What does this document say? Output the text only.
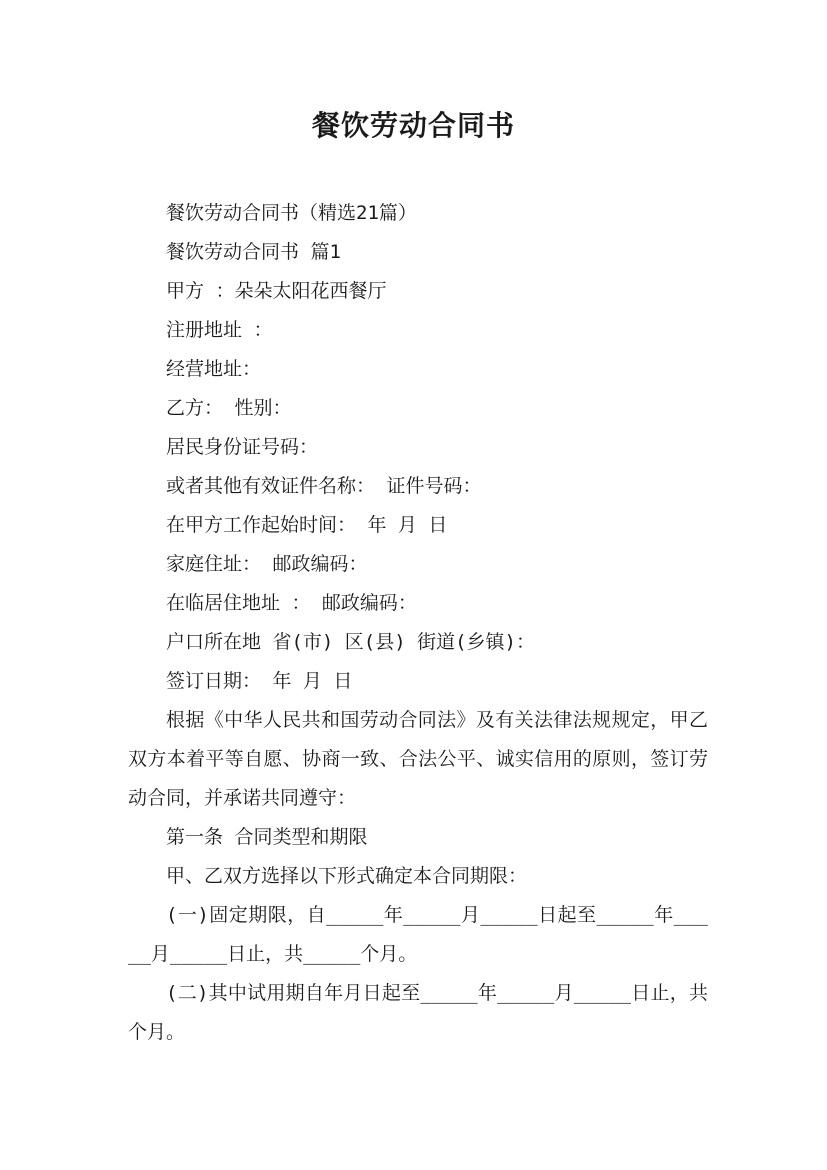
餐饮劳动合同书

餐饮劳动合同书（精选21篇）

餐饮劳动合同书 篇1

甲方 ：朵朵太阳花西餐厅

注册地址 ：

经营地址：

乙方： 性别：

居民身份证号码：

或者其他有效证件名称： 证件号码：

在甲方工作起始时间： 年 月 日

家庭住址： 邮政编码：

在临居住地址 ： 邮政编码：

户口所在地 省(市) 区(县) 街道(乡镇)：

签订日期： 年 月 日

根据《中华人民共和国劳动合同法》及有关法律法规规定，甲乙双方本着平等自愿、协商一致、合法公平、诚实信用的原则，签订劳动合同，并承诺共同遵守：

第一条 合同类型和期限

甲、乙双方选择以下形式确定本合同期限：

(一)固定期限，自_____年_____月_____日起至_____年_____月_____日止，共_____个月。

(二)其中试用期自年月日起至_____年_____月_____日止，共 个月。
